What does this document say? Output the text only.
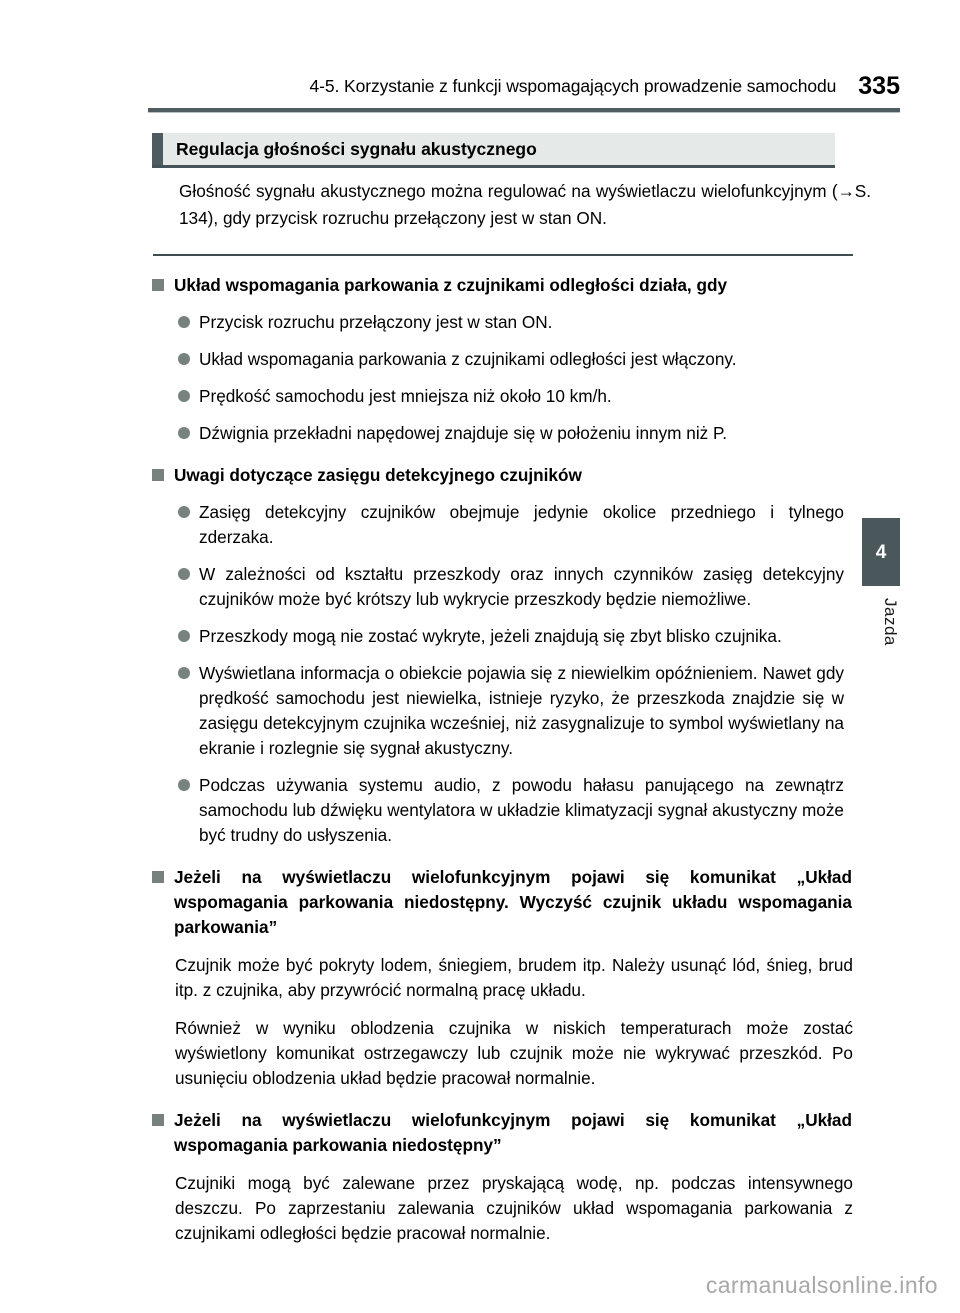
4-5. Korzystanie z funkcji wspomagających prowadzenie samochodu 335
Regulacja głośności sygnału akustycznego

Głośność sygnału akustycznego można regulować na wyświetlaczu wielofunkcyjnym (→S. 134), gdy przycisk rozruchu przełączony jest w stan ON.

Układ wspomagania parkowania z czujnikami odległości działa, gdy
Przycisk rozruchu przełączony jest w stan ON.
Układ wspomagania parkowania z czujnikami odległości jest włączony.
Prędkość samochodu jest mniejsza niż około 10 km/h.
Dźwignia przekładni napędowej znajduje się w położeniu innym niż P.
Uwagi dotyczące zasięgu detekcyjnego czujników
Zasięg detekcyjny czujników obejmuje jedynie okolice przedniego i tylnego zderzaka.
W zależności od kształtu przeszkody oraz innych czynników zasięg detekcyjny czujników może być krótszy lub wykrycie przeszkody będzie niemożliwe.
Przeszkody mogą nie zostać wykryte, jeżeli znajdują się zbyt blisko czujnika.
Wyświetlana informacja o obiekcie pojawia się z niewielkim opóźnieniem. Nawet gdy prędkość samochodu jest niewielka, istnieje ryzyko, że przeszkoda znajdzie się w zasięgu detekcyjnym czujnika wcześniej, niż zasygnalizuje to symbol wyświetlany na ekranie i rozlegnie się sygnał akustyczny.
Podczas używania systemu audio, z powodu hałasu panującego na zewnątrz samochodu lub dźwięku wentylatora w układzie klimatyzacji sygnał akustyczny może być trudny do usłyszenia.
Jeżeli na wyświetlaczu wielofunkcyjnym pojawi się komunikat „Układ wspomagania parkowania niedostępny. Wyczyść czujnik układu wspomagania parkowania”

Czujnik może być pokryty lodem, śniegiem, brudem itp. Należy usunąć lód, śnieg, brud itp. z czujnika, aby przywrócić normalną pracę układu.

Również w wyniku oblodzenia czujnika w niskich temperaturach może zostać wyświetlony komunikat ostrzegawczy lub czujnik może nie wykrywać przeszkód. Po usunięciu oblodzenia układ będzie pracował normalnie.

Jeżeli na wyświetlaczu wielofunkcyjnym pojawi się komunikat „Układ wspomagania parkowania niedostępny”

Czujniki mogą być zalewane przez pryskającą wodę, np. podczas intensywnego deszczu. Po zaprzestaniu zalewania czujników układ wspomagania parkowania z czujnikami odległości będzie pracował normalnie.

4
Jazda
carmanualsonline.info
